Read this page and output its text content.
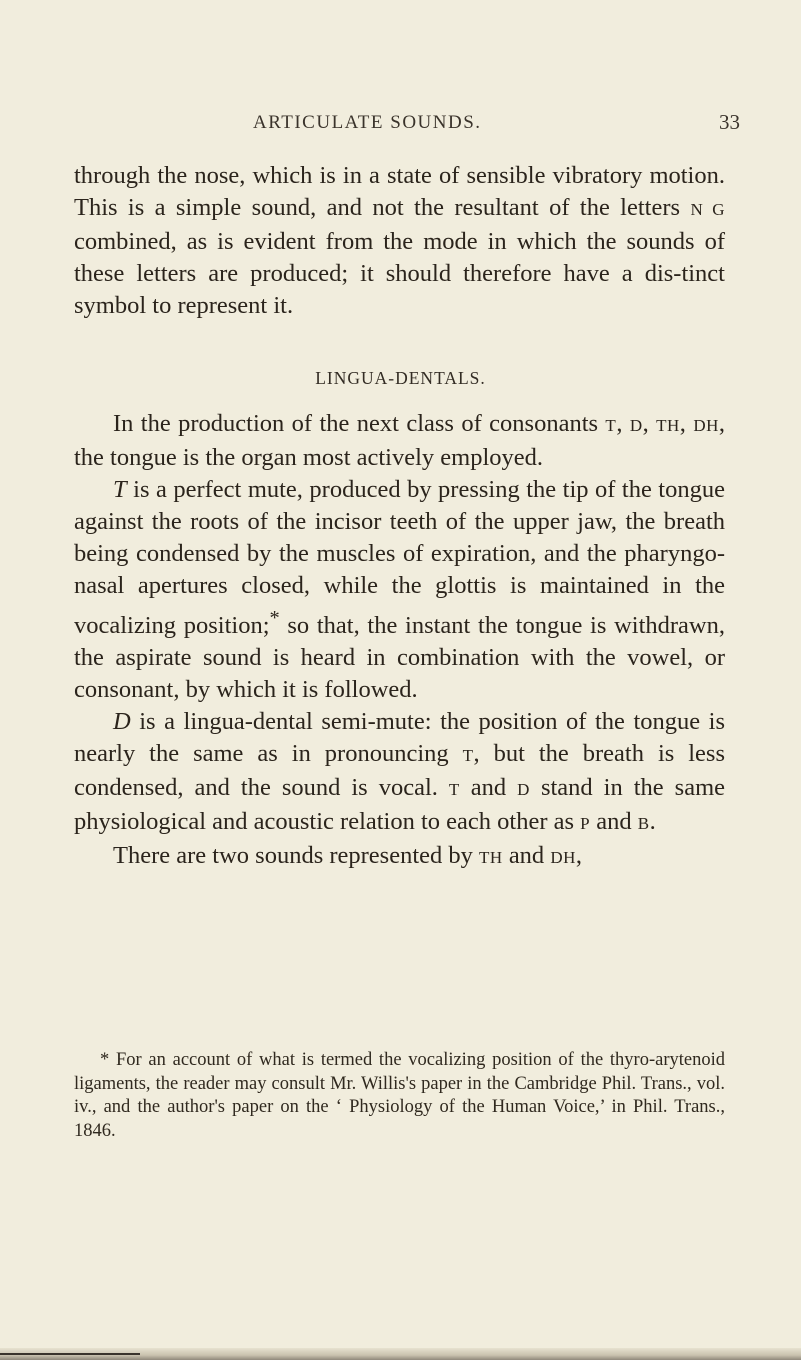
ARTICULATE SOUNDS.	33

through the nose, which is in a state of sensible vibratory motion. This is a simple sound, and not the resultant of the letters N G combined, as is evident from the mode in which the sounds of these letters are produced; it should therefore have a dis-tinct symbol to represent it.

LINGUA-DENTALS.

In the production of the next class of consonants T, D, TH, DH, the tongue is the organ most actively employed.

T is a perfect mute, produced by pressing the tip of the tongue against the roots of the incisor teeth of the upper jaw, the breath being condensed by the muscles of expiration, and the pharyngo-nasal apertures closed, while the glottis is maintained in the vocalizing position;* so that, the instant the tongue is withdrawn, the aspirate sound is heard in combination with the vowel, or consonant, by which it is followed.

D is a lingua-dental semi-mute: the position of the tongue is nearly the same as in pronouncing T, but the breath is less condensed, and the sound is vocal. T and D stand in the same physiological and acoustic relation to each other as P and B.

There are two sounds represented by TH and DH,

* For an account of what is termed the vocalizing position of the thyro-arytenoid ligaments, the reader may consult Mr. Willis's paper in the Cambridge Phil. Trans., vol. iv., and the author's paper on the ‘ Physiology of the Human Voice,’ in Phil. Trans., 1846.
